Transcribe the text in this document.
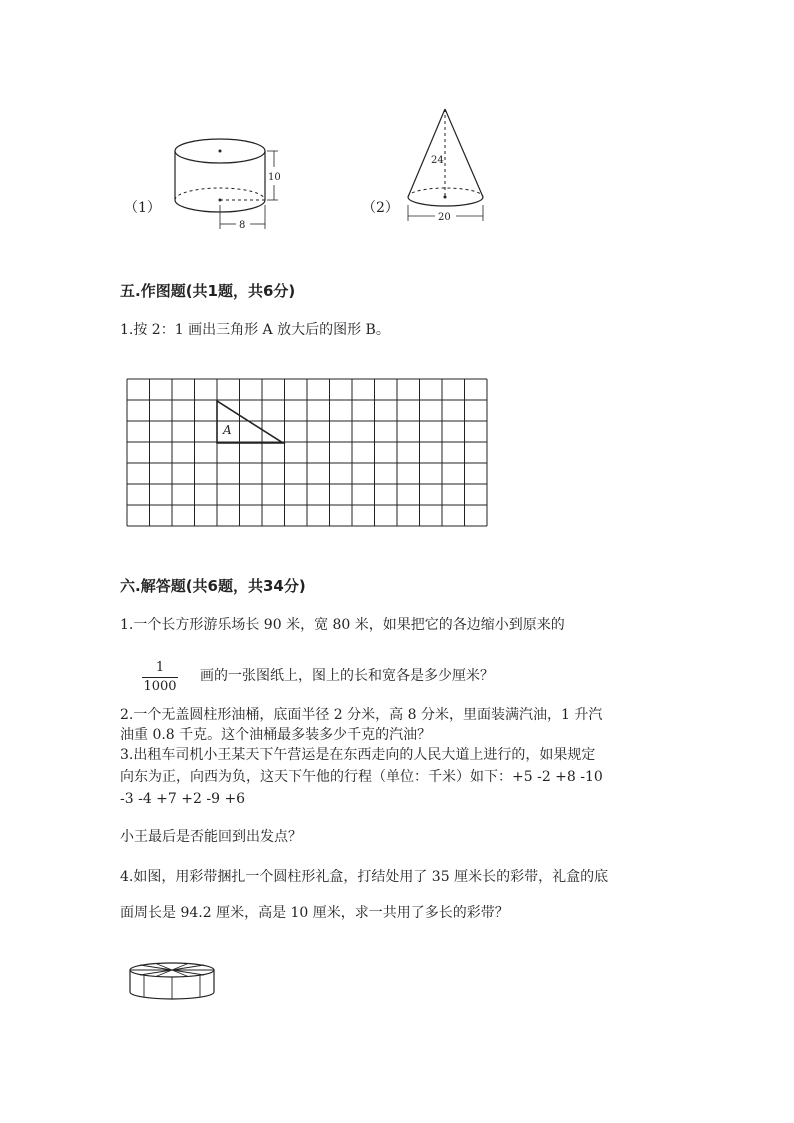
（1）
10
8
（2）
24
20
五.作图题(共1题，共6分)
1.按 2：1 画出三角形 A 放大后的图形 B。
A
六.解答题(共6题，共34分)
1.一个长方形游乐场长 90 米，宽 80 米，如果把它的各边缩小到原来的
1
1000
画的一张图纸上，图上的长和宽各是多少厘米？
2.一个无盖圆柱形油桶，底面半径 2 分米，高 8 分米，里面装满汽油，1 升汽
油重 0.8 千克。这个油桶最多装多少千克的汽油？
3.出租车司机小王某天下午营运是在东西走向的人民大道上进行的，如果规定
向东为正，向西为负，这天下午他的行程（单位：千米）如下：+5 -2 +8 -10
-3 -4 +7 +2 -9 +6
小王最后是否能回到出发点？
4.如图，用彩带捆扎一个圆柱形礼盒，打结处用了 35 厘米长的彩带，礼盒的底
面周长是 94.2 厘米，高是 10 厘米，求一共用了多长的彩带？
